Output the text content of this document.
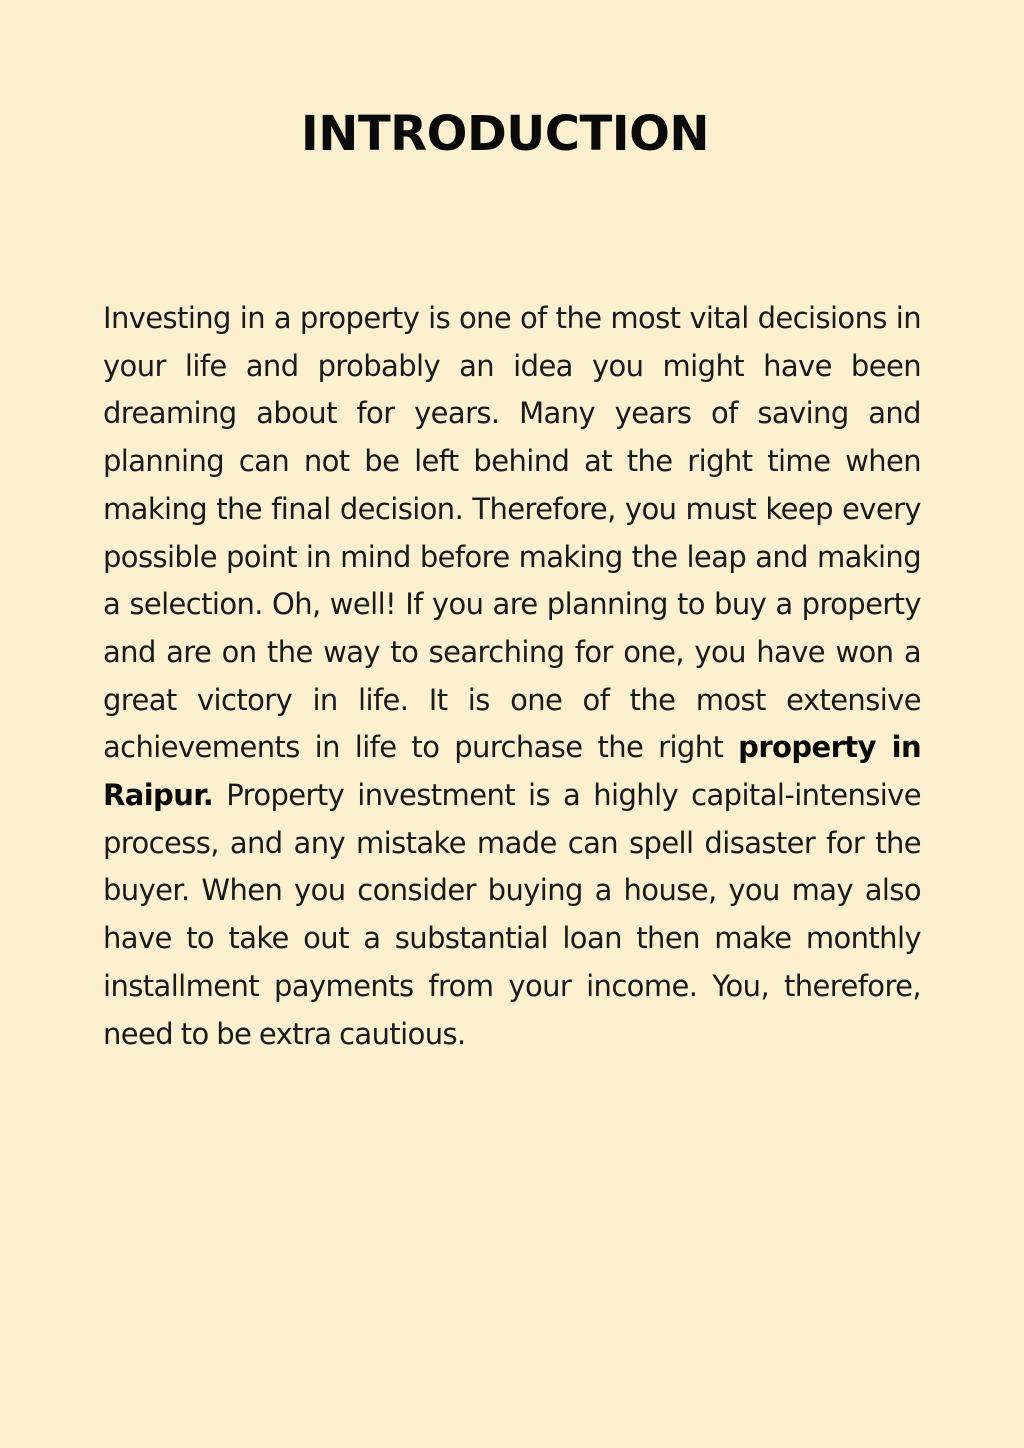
INTRODUCTION

Investing in a property is one of the most vital decisions in your life and probably an idea you might have been dreaming about for years. Many years of saving and planning can not be left behind at the right time when making the final decision. Therefore, you must keep every possible point in mind before making the leap and making a selection. Oh, well! If you are planning to buy a property and are on the way to searching for one, you have won a great victory in life. It is one of the most extensive achievements in life to purchase the right property in Raipur. Property investment is a highly capital-intensive process, and any mistake made can spell disaster for the buyer. When you consider buying a house, you may also have to take out a substantial loan then make monthly installment payments from your income. You, therefore, need to be extra cautious.
